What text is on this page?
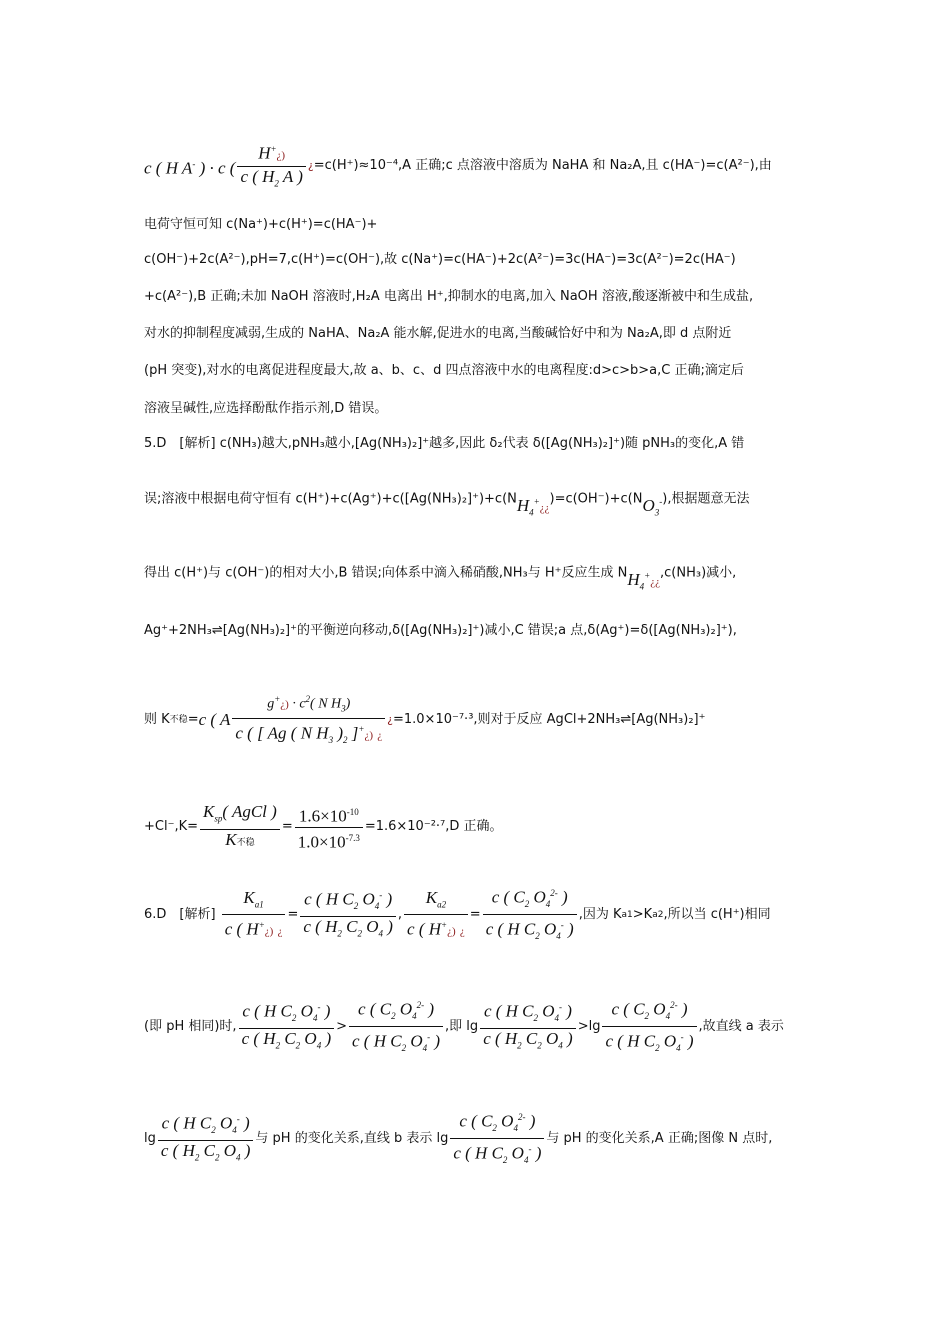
c ( H A- ) · c ( $\frac{H^+¿)}{c ( H_2 A )}$ ¿=c(H⁺)≈10⁻⁴,A 正确;c 点溶液中溶质为 NaHA 和 Na₂A,且 c(HA⁻)=c(A²⁻),由
电荷守恒可知 c(Na⁺)+c(H⁺)=c(HA⁻)+
c(OH⁻)+2c(A²⁻),pH=7,c(H⁺)=c(OH⁻),故 c(Na⁺)=c(HA⁻)+2c(A²⁻)=3c(HA⁻)=3c(A²⁻)=2c(HA⁻)
+c(A²⁻),B 正确;未加 NaOH 溶液时,H₂A 电离出 H⁺,抑制水的电离,加入 NaOH 溶液,酸逐渐被中和生成盐,
对水的抑制程度减弱,生成的 NaHA、Na₂A 能水解,促进水的电离,当酸碱恰好中和为 Na₂A,即 d 点附近
(pH 突变),对水的电离促进程度最大,故 a、b、c、d 四点溶液中水的电离程度:d>c>b>a,C 正确;滴定后
溶液呈碱性,应选择酚酞作指示剂,D 错误。
5.D　[解析] c(NH₃)越大,pNH₃越小,[Ag(NH₃)₂]⁺越多,因此 δ₂代表 δ([Ag(NH₃)₂]⁺)随 pNH₃的变化,A 错
误;溶液中根据电荷守恒有 $c(H^+)+c(Ag^+)+c([Ag(NH_3)_2]^+)+c(NH_4^+¿¿)=c(OH^-)+c(NO_3^-)$,根据题意无法
得出 c(H⁺)与 c(OH⁻)的相对大小,B 错误;向体系中滴入稀硝酸,NH₃与 H⁺反应生成 $NH_4^+¿¿,c(NH_3)$减小,
Ag⁺+2NH₃⇌[Ag(NH₃)₂]⁺的平衡逆向移动,δ([Ag(NH₃)₂]⁺)减小,C 错误;a 点,δ(Ag⁺)=δ([Ag(NH₃)₂]⁺),
则 K不稳=c ( A $\frac{g^+¿) \cdot c^2( N H_3)}{c ( [ Ag ( N H_3 )_2 ]^+¿) ¿}$ ¿=1.0×10⁻⁷·³,则对于反应 AgCl+2NH₃⇌[Ag(NH₃)₂]⁺
$+Cl^-,K= \frac{K_{sp}( AgCl )}{\text{K不稳}} = \frac{1.6\times 10^{-10}}{1.0\times 10^{-7.3}} =1.6\times 10^{-2}\cdot^7,D$ 正确。
6.D　[解析] $\frac{K_{a1}}{c ( H^+¿) ¿} = \frac{c ( H C_2 O_4^- )}{c ( H_2 C_2 O_4 )}$ , $\frac{K_{a2}}{c ( H^+¿) ¿} = \frac{c ( C_2 O_4^{2-} )}{c ( H C_2 O_4^- )}$ ,因为 Ka1>Ka2,所以当 c(H⁺)相同
(即 pH 相同)时, $\frac{c ( H C_2 O_4^- )}{c ( H_2 C_2 O_4 )} > \frac{c ( C_2 O_4^{2-} )}{c ( H C_2 O_4^- )}$ ,即 $\lg \frac{c ( H C_2 O_4^- )}{c ( H_2 C_2 O_4 )} >\lg \frac{c ( C_2 O_4^{2-} )}{c ( H C_2 O_4^- )}$ ,故直线 a 表示
$\lg \frac{c ( H C_2 O_4^- )}{c ( H_2 C_2 O_4 )}$ 与 pH 的变化关系,直线 b 表示 $\lg \frac{c ( C_2 O_4^{2-} )}{c ( H C_2 O_4^- )}$ 与 pH 的变化关系,A 正确;图像 N 点时,
